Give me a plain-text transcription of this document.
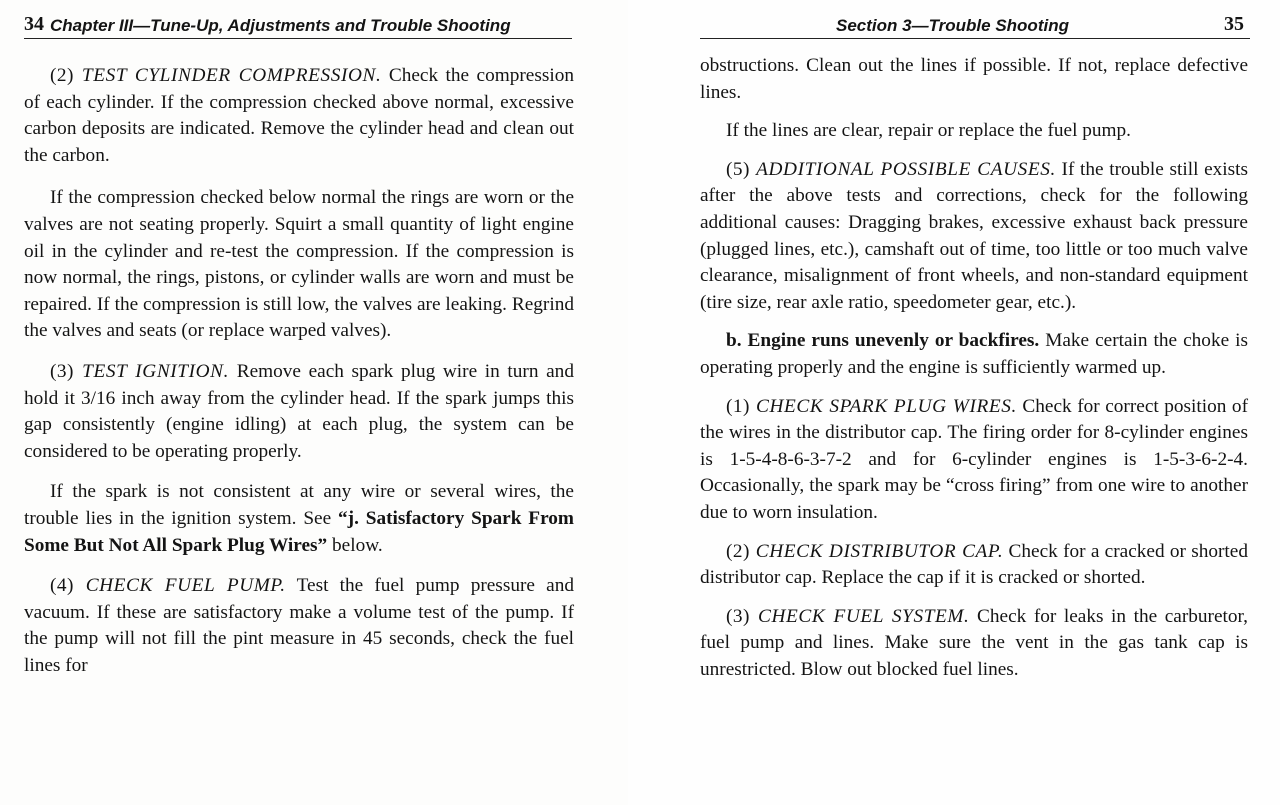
34 Chapter III—Tune-Up, Adjustments and Trouble Shooting

(2) TEST CYLINDER COMPRESSION. Check the compression of each cylinder. If the compression checked above normal, excessive carbon deposits are indicated. Remove the cylinder head and clean out the carbon.

If the compression checked below normal the rings are worn or the valves are not seating properly. Squirt a small quantity of light engine oil in the cylinder and re-test the compression. If the compression is now normal, the rings, pistons, or cylinder walls are worn and must be repaired. If the compression is still low, the valves are leaking. Regrind the valves and seats (or replace warped valves).

(3) TEST IGNITION. Remove each spark plug wire in turn and hold it 3/16 inch away from the cylinder head. If the spark jumps this gap consistently (engine idling) at each plug, the system can be considered to be operating properly.

If the spark is not consistent at any wire or several wires, the trouble lies in the ignition system. See “j. Satisfactory Spark From Some But Not All Spark Plug Wires” below.

(4) CHECK FUEL PUMP. Test the fuel pump pressure and vacuum. If these are satisfactory make a volume test of the pump. If the pump will not fill the pint measure in 45 seconds, check the fuel lines for

Section 3—Trouble Shooting	35

obstructions. Clean out the lines if possible. If not, replace defective lines.

If the lines are clear, repair or replace the fuel pump.

(5) ADDITIONAL POSSIBLE CAUSES. If the trouble still exists after the above tests and corrections, check for the following additional causes: Dragging brakes, excessive exhaust back pressure (plugged lines, etc.), camshaft out of time, too little or too much valve clearance, misalignment of front wheels, and non-standard equipment (tire size, rear axle ratio, speedometer gear, etc.).

b. Engine runs unevenly or backfires. Make certain the choke is operating properly and the engine is sufficiently warmed up.

(1) CHECK SPARK PLUG WIRES. Check for correct position of the wires in the distributor cap. The firing order for 8-cylinder engines is 1-5-4-8-6-3-7-2 and for 6-cylinder engines is 1-5-3-6-2-4. Occasionally, the spark may be “cross firing” from one wire to another due to worn insulation.

(2) CHECK DISTRIBUTOR CAP. Check for a cracked or shorted distributor cap. Replace the cap if it is cracked or shorted.

(3) CHECK FUEL SYSTEM. Check for leaks in the carburetor, fuel pump and lines. Make sure the vent in the gas tank cap is unrestricted. Blow out blocked fuel lines.
